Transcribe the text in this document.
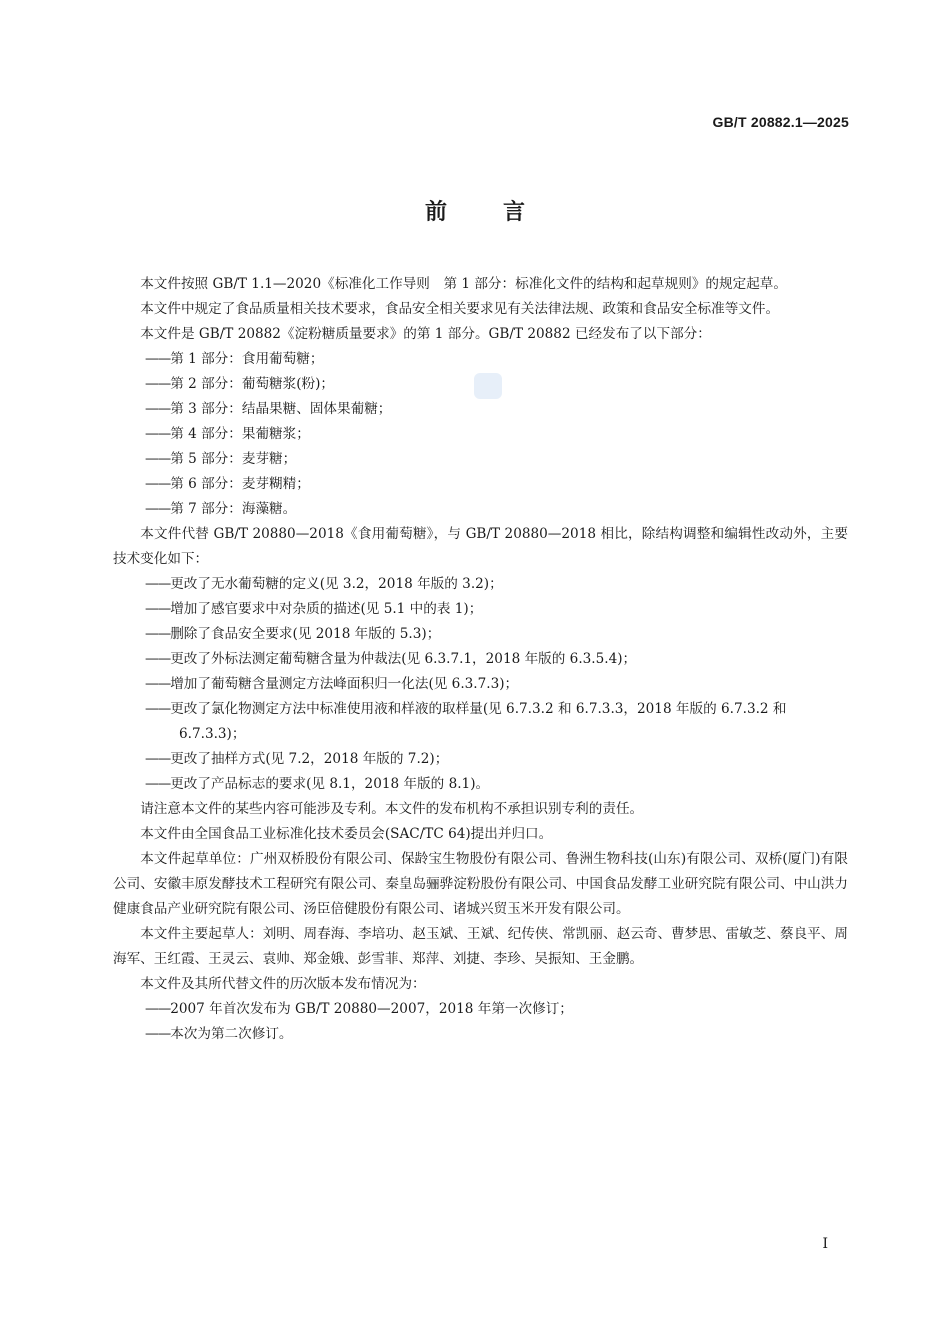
GB/T 20882.1—2025
前言

本文件按照 GB/T 1.1—2020《标准化工作导则　第 1 部分：标准化文件的结构和起草规则》的规定起草。

本文件中规定了食品质量相关技术要求，食品安全相关要求见有关法律法规、政策和食品安全标准等文件。

本文件是 GB/T 20882《淀粉糖质量要求》的第 1 部分。GB/T 20882 已经发布了以下部分：

——第 1 部分：食用葡萄糖；

——第 2 部分：葡萄糖浆(粉)；

——第 3 部分：结晶果糖、固体果葡糖；

——第 4 部分：果葡糖浆；

——第 5 部分：麦芽糖；

——第 6 部分：麦芽糊精；

——第 7 部分：海藻糖。

本文件代替 GB/T 20880—2018《食用葡萄糖》，与 GB/T 20880—2018 相比，除结构调整和编辑性改动外，主要技术变化如下：

——更改了无水葡萄糖的定义(见 3.2，2018 年版的 3.2)；

——增加了感官要求中对杂质的描述(见 5.1 中的表 1)；

——删除了食品安全要求(见 2018 年版的 5.3)；

——更改了外标法测定葡萄糖含量为仲裁法(见 6.3.7.1，2018 年版的 6.3.5.4)；

——增加了葡萄糖含量测定方法峰面积归一化法(见 6.3.7.3)；

——更改了氯化物测定方法中标准使用液和样液的取样量(见 6.7.3.2 和 6.7.3.3，2018 年版的 6.7.3.2 和 6.7.3.3)；

——更改了抽样方式(见 7.2，2018 年版的 7.2)；

——更改了产品标志的要求(见 8.1，2018 年版的 8.1)。

请注意本文件的某些内容可能涉及专利。本文件的发布机构不承担识别专利的责任。

本文件由全国食品工业标准化技术委员会(SAC/TC 64)提出并归口。

本文件起草单位：广州双桥股份有限公司、保龄宝生物股份有限公司、鲁洲生物科技(山东)有限公司、双桥(厦门)有限公司、安徽丰原发酵技术工程研究有限公司、秦皇岛骊骅淀粉股份有限公司、中国食品发酵工业研究院有限公司、中山洪力健康食品产业研究院有限公司、汤臣倍健股份有限公司、诸城兴贸玉米开发有限公司。

本文件主要起草人：刘明、周春海、李培功、赵玉斌、王斌、纪传侠、常凯丽、赵云奇、曹梦思、雷敏芝、蔡良平、周海军、王红霞、王灵云、袁帅、郑金娥、彭雪菲、郑萍、刘捷、李珍、吴振知、王金鹏。

本文件及其所代替文件的历次版本发布情况为：

——2007 年首次发布为 GB/T 20880—2007，2018 年第一次修订；

——本次为第二次修订。

I
